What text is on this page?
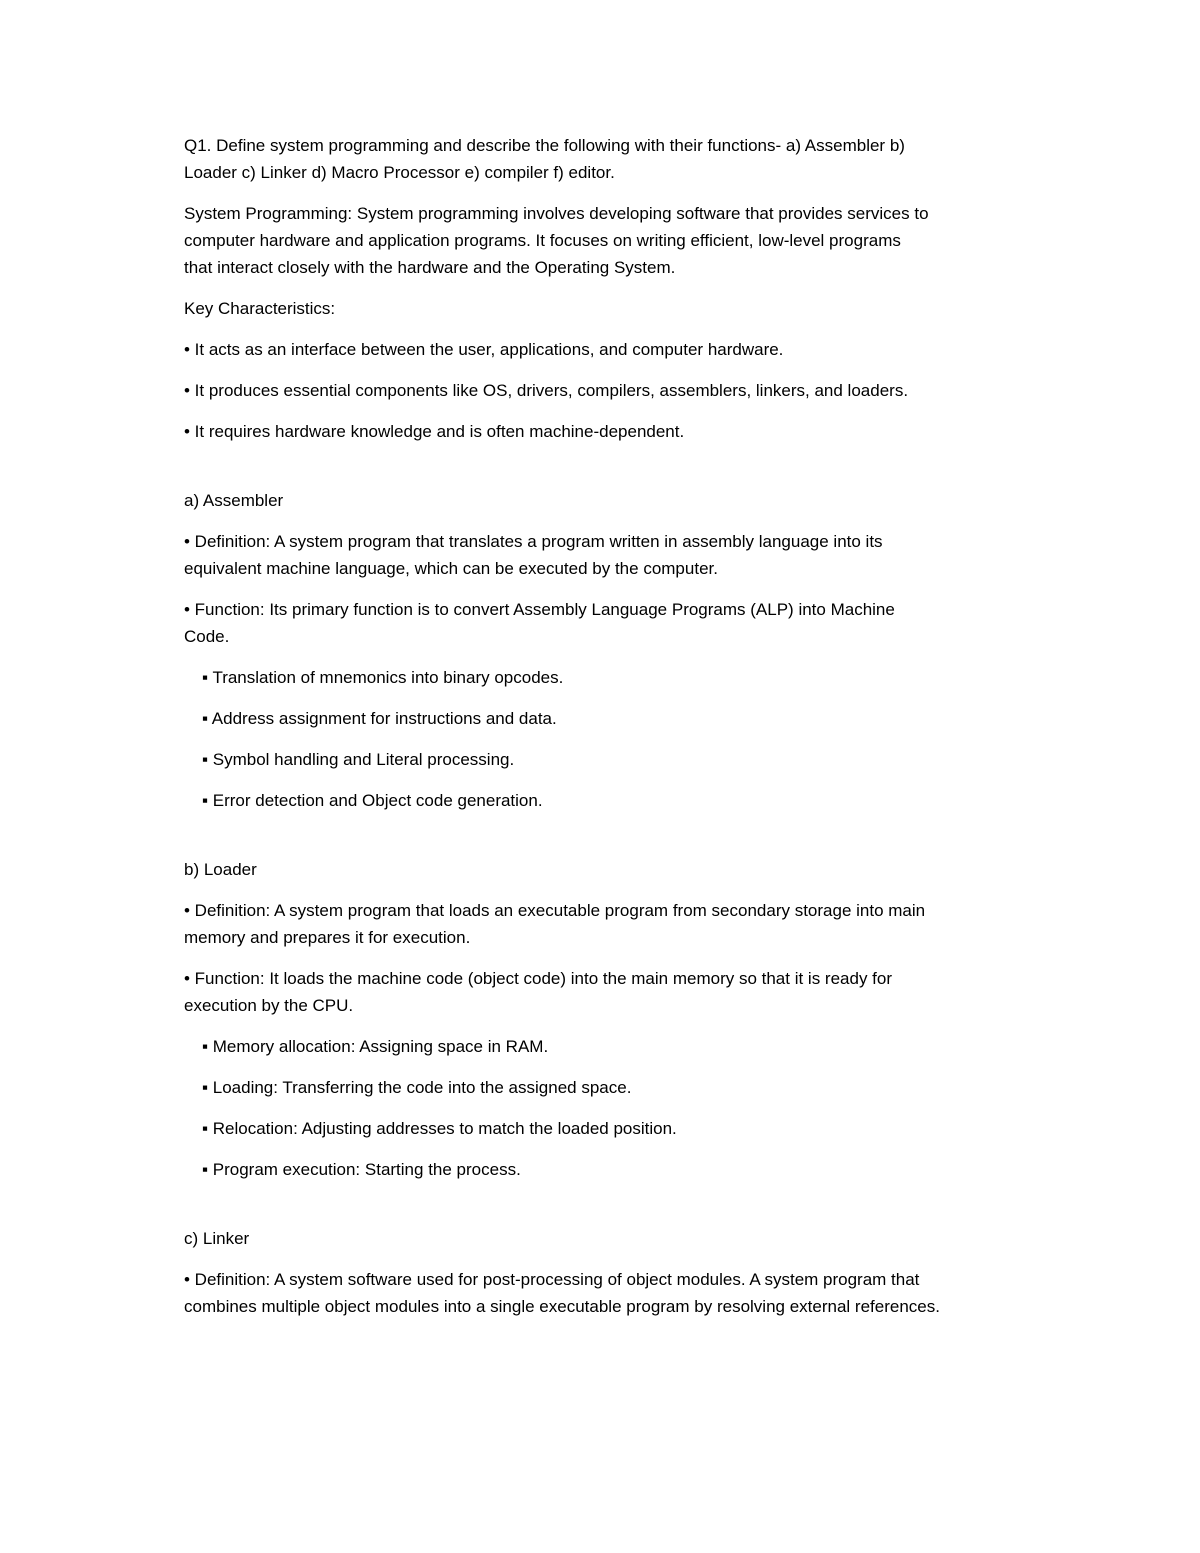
Q1. Define system programming and describe the following with their functions- a) Assembler b)
Loader c) Linker d) Macro Processor e) compiler f) editor.

System Programming: System programming involves developing software that provides services to
computer hardware and application programs. It focuses on writing efficient, low-level programs
that interact closely with the hardware and the Operating System.

Key Characteristics:

• It acts as an interface between the user, applications, and computer hardware.

• It produces essential components like OS, drivers, compilers, assemblers, linkers, and loaders.

• It requires hardware knowledge and is often machine-dependent.

a) Assembler

• Definition: A system program that translates a program written in assembly language into its
equivalent machine language, which can be executed by the computer.

• Function: Its primary function is to convert Assembly Language Programs (ALP) into Machine
Code.

▪ Translation of mnemonics into binary opcodes.

▪ Address assignment for instructions and data.

▪ Symbol handling and Literal processing.

▪ Error detection and Object code generation.

b) Loader

• Definition: A system program that loads an executable program from secondary storage into main
memory and prepares it for execution.

• Function: It loads the machine code (object code) into the main memory so that it is ready for
execution by the CPU.

▪ Memory allocation: Assigning space in RAM.

▪ Loading: Transferring the code into the assigned space.

▪ Relocation: Adjusting addresses to match the loaded position.

▪ Program execution: Starting the process.

c) Linker

• Definition: A system software used for post-processing of object modules. A system program that
combines multiple object modules into a single executable program by resolving external references.
